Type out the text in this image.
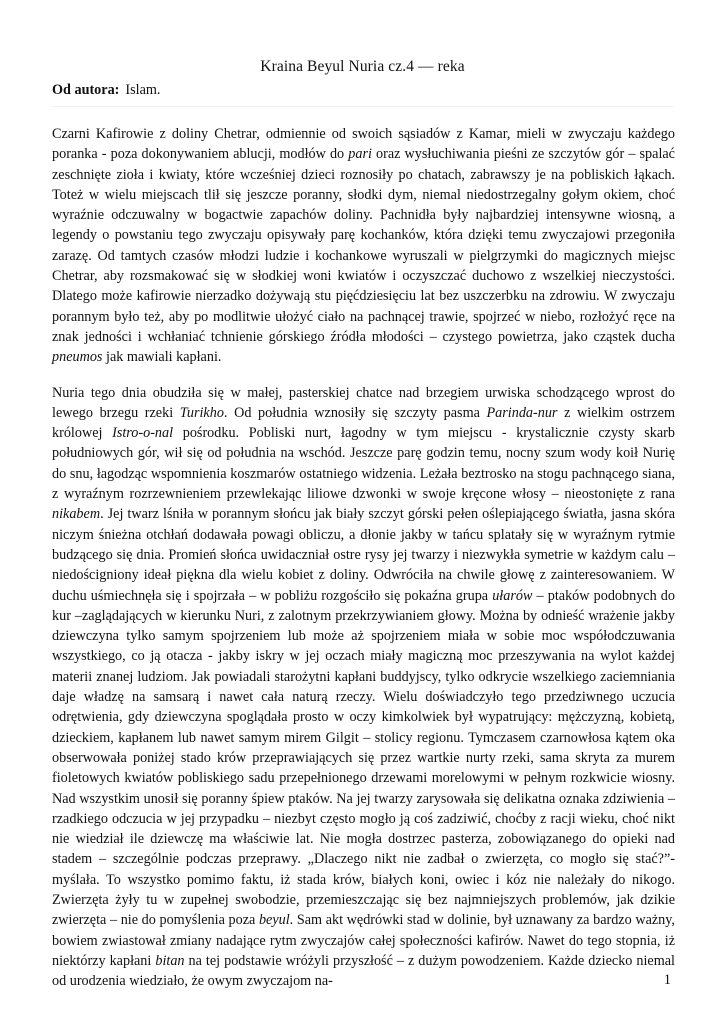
Kraina Beyul Nuria cz.4 — reka
Od autora: Islam.

Czarni Kafirowie z doliny Chetrar, odmiennie od swoich sąsiadów z Kamar, mieli w zwyczaju każdego poranka - poza dokonywaniem ablucji, modłów do pari oraz wysłuchiwania pieśni ze szczytów gór – spalać zeschnięte zioła i kwiaty, które wcześniej dzieci roznosiły po chatach, zabrawszy je na pobliskich łąkach. Toteż w wielu miejscach tlił się jeszcze poranny, słodki dym, niemal niedostrzegalny gołym okiem, choć wyraźnie odczuwalny w bogactwie zapachów doliny. Pachnidła były najbardziej intensywne wiosną, a legendy o powstaniu tego zwyczaju opisywały parę kochanków, która dzięki temu zwyczajowi przegoniła zarazę. Od tamtych czasów młodzi ludzie i kochankowe wyruszali w pielgrzymki do magicznych miejsc Chetrar, aby rozsmakować się w słodkiej woni kwiatów i oczyszczać duchowo z wszelkiej nieczystości. Dlatego może kafirowie nierzadko dożywają stu pięćdziesięciu lat bez uszczerbku na zdrowiu. W zwyczaju porannym było też, aby po modlitwie ułożyć ciało na pachnącej trawie, spojrzeć w niebo, rozłożyć ręce na znak jedności i wchłaniać tchnienie górskiego źródła młodości – czystego powietrza, jako cząstek ducha pneumos jak mawiali kapłani.

Nuria tego dnia obudziła się w małej, pasterskiej chatce nad brzegiem urwiska schodzącego wprost do lewego brzegu rzeki Turikho. Od południa wznosiły się szczyty pasma Parinda-nur z wielkim ostrzem królowej Istro-o-nal pośrodku. Pobliski nurt, łagodny w tym miejscu - krystalicznie czysty skarb południowych gór, wił się od południa na wschód. Jeszcze parę godzin temu, nocny szum wody koił Nurię do snu, łagodząc wspomnienia koszmarów ostatniego widzenia. Leżała beztrosko na stogu pachnącego siana, z wyraźnym rozrzewnieniem przewlekając liliowe dzwonki w swoje kręcone włosy – nieostonięte z rana nikabem. Jej twarz lśniła w porannym słońcu jak biały szczyt górski pełen oślepiającego światła, jasna skóra niczym śnieżna otchłań dodawała powagi obliczu, a dłonie jakby w tańcu splatały się w wyraźnym rytmie budzącego się dnia. Promień słońca uwidaczniał ostre rysy jej twarzy i niezwykła symetrie w każdym calu – niedościgniony ideał piękna dla wielu kobiet z doliny. Odwróciła na chwile głowę z zainteresowaniem. W duchu uśmiechnęła się i spojrzała – w pobliżu rozgościło się pokaźna grupa ułarów – ptaków podobnych do kur –zaglądających w kierunku Nuri, z zalotnym przekrzywianiem głowy. Można by odnieść wrażenie jakby dziewczyna tylko samym spojrzeniem lub może aż spojrzeniem miała w sobie moc współodczuwania wszystkiego, co ją otacza - jakby iskry w jej oczach miały magiczną moc przeszywania na wylot każdej materii znanej ludziom. Jak powiadali starożytni kapłani buddyjscy, tylko odkrycie wszelkiego zaciemniania daje władzę na samsarą i nawet cała naturą rzeczy. Wielu doświadczyło tego przedziwnego uczucia odrętwienia, gdy dziewczyna spoglądała prosto w oczy kimkolwiek był wypatrujący: mężczyzną, kobietą, dzieckiem, kapłanem lub nawet samym mirem Gilgit – stolicy regionu. Tymczasem czarnowłosa kątem oka obserwowała poniżej stado krów przeprawiających się przez wartkie nurty rzeki, sama skryta za murem fioletowych kwiatów pobliskiego sadu przepełnionego drzewami morelowymi w pełnym rozkwicie wiosny. Nad wszystkim unosił się poranny śpiew ptaków. Na jej twarzy zarysowała się delikatna oznaka zdziwienia – rzadkiego odczucia w jej przypadku – niezbyt często mogło ją coś zadziwić, choćby z racji wieku, choć nikt nie wiedział ile dziewczę ma właściwie lat. Nie mogła dostrzec pasterza, zobowiązanego do opieki nad stadem – szczególnie podczas przeprawy. „Dlaczego nikt nie zadbał o zwierzęta, co mogło się stać?”- myślała. To wszystko pomimo faktu, iż stada krów, białych koni, owiec i kóz nie należały do nikogo. Zwierzęta żyły tu w zupełnej swobodzie, przemieszczając się bez najmniejszych problemów, jak dzikie zwierzęta – nie do pomyślenia poza beyul. Sam akt wędrówki stad w dolinie, był uznawany za bardzo ważny, bowiem zwiastował zmiany nadające rytm zwyczajów całej społeczności kafirów. Nawet do tego stopnia, iż niektórzy kapłani bitan na tej podstawie wróżyli przyszłość – z dużym powodzeniem. Każde dziecko niemal od urodzenia wiedziało, że owym zwyczajom na-	1
